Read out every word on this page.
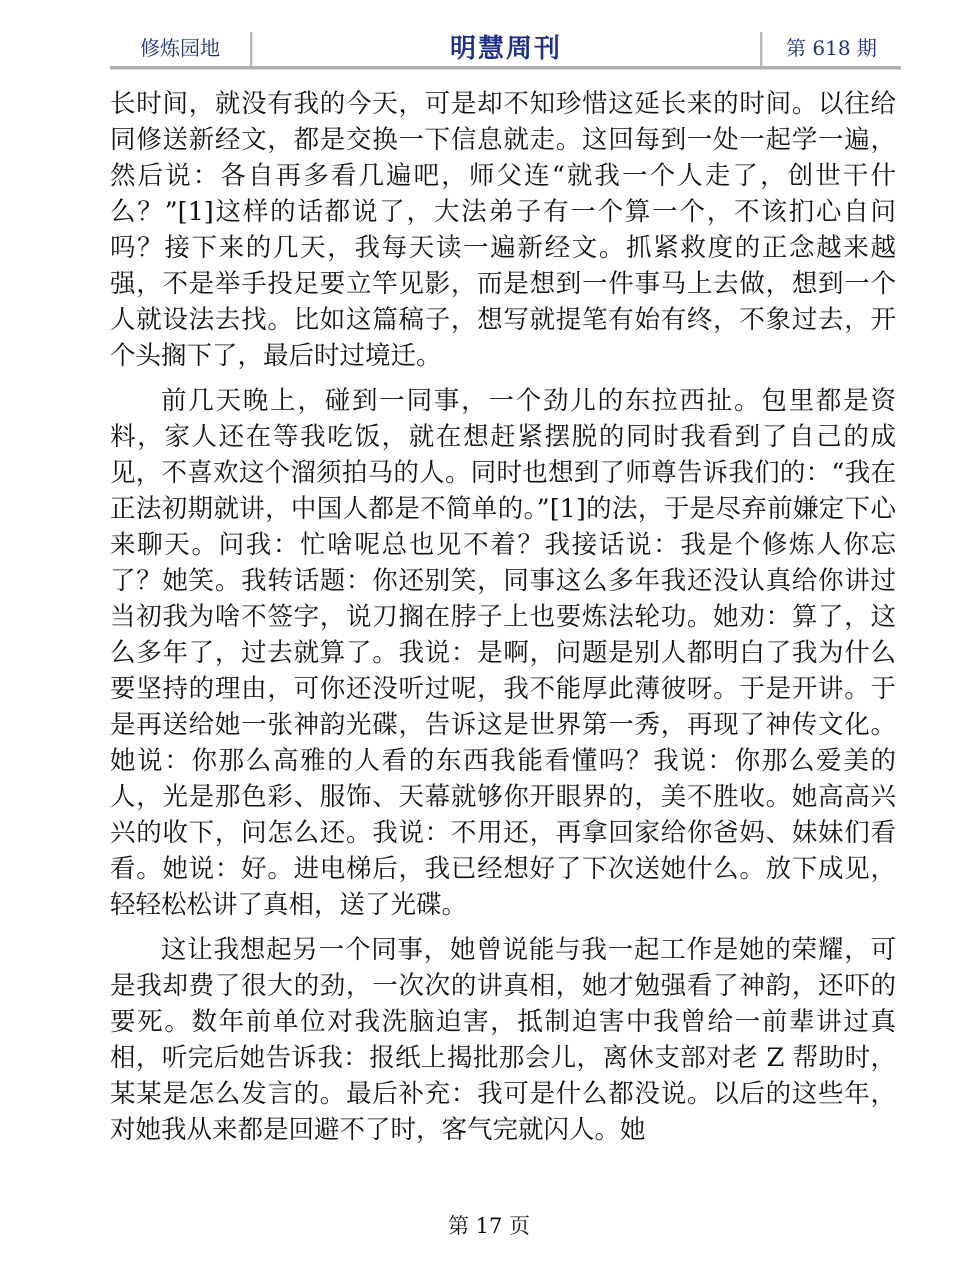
修炼园地	明慧周刊	第 618 期

长时间，就没有我的今天，可是却不知珍惜这延长来的时间。以往给同修送新经文，都是交换一下信息就走。这回每到一处一起学一遍，然后说：各自再多看几遍吧，师父连“就我一个人走了，创世干什么？”[1]这样的话都说了，大法弟子有一个算一个，不该扪心自问吗？接下来的几天，我每天读一遍新经文。抓紧救度的正念越来越强，不是举手投足要立竿见影，而是想到一件事马上去做，想到一个人就设法去找。比如这篇稿子，想写就提笔有始有终，不象过去，开个头搁下了，最后时过境迁。

前几天晚上，碰到一同事，一个劲儿的东拉西扯。包里都是资料，家人还在等我吃饭，就在想赶紧摆脱的同时我看到了自己的成见，不喜欢这个溜须拍马的人。同时也想到了师尊告诉我们的：“我在正法初期就讲，中国人都是不简单的。”[1]的法，于是尽弃前嫌定下心来聊天。问我：忙啥呢总也见不着？我接话说：我是个修炼人你忘了？她笑。我转话题：你还别笑，同事这么多年我还没认真给你讲过当初我为啥不签字，说刀搁在脖子上也要炼法轮功。她劝：算了，这么多年了，过去就算了。我说：是啊，问题是别人都明白了我为什么要坚持的理由，可你还没听过呢，我不能厚此薄彼呀。于是开讲。于是再送给她一张神韵光碟，告诉这是世界第一秀，再现了神传文化。她说：你那么高雅的人看的东西我能看懂吗？我说：你那么爱美的人，光是那色彩、服饰、天幕就够你开眼界的，美不胜收。她高高兴兴的收下，问怎么还。我说：不用还，再拿回家给你爸妈、妹妹们看看。她说：好。进电梯后，我已经想好了下次送她什么。放下成见，轻轻松松讲了真相，送了光碟。

这让我想起另一个同事，她曾说能与我一起工作是她的荣耀，可是我却费了很大的劲，一次次的讲真相，她才勉强看了神韵，还吓的要死。数年前单位对我洗脑迫害，抵制迫害中我曾给一前辈讲过真相，听完后她告诉我：报纸上揭批那会儿，离休支部对老 Z 帮助时，某某是怎么发言的。最后补充：我可是什么都没说。以后的这些年，对她我从来都是回避不了时，客气完就闪人。她

第 17 页
